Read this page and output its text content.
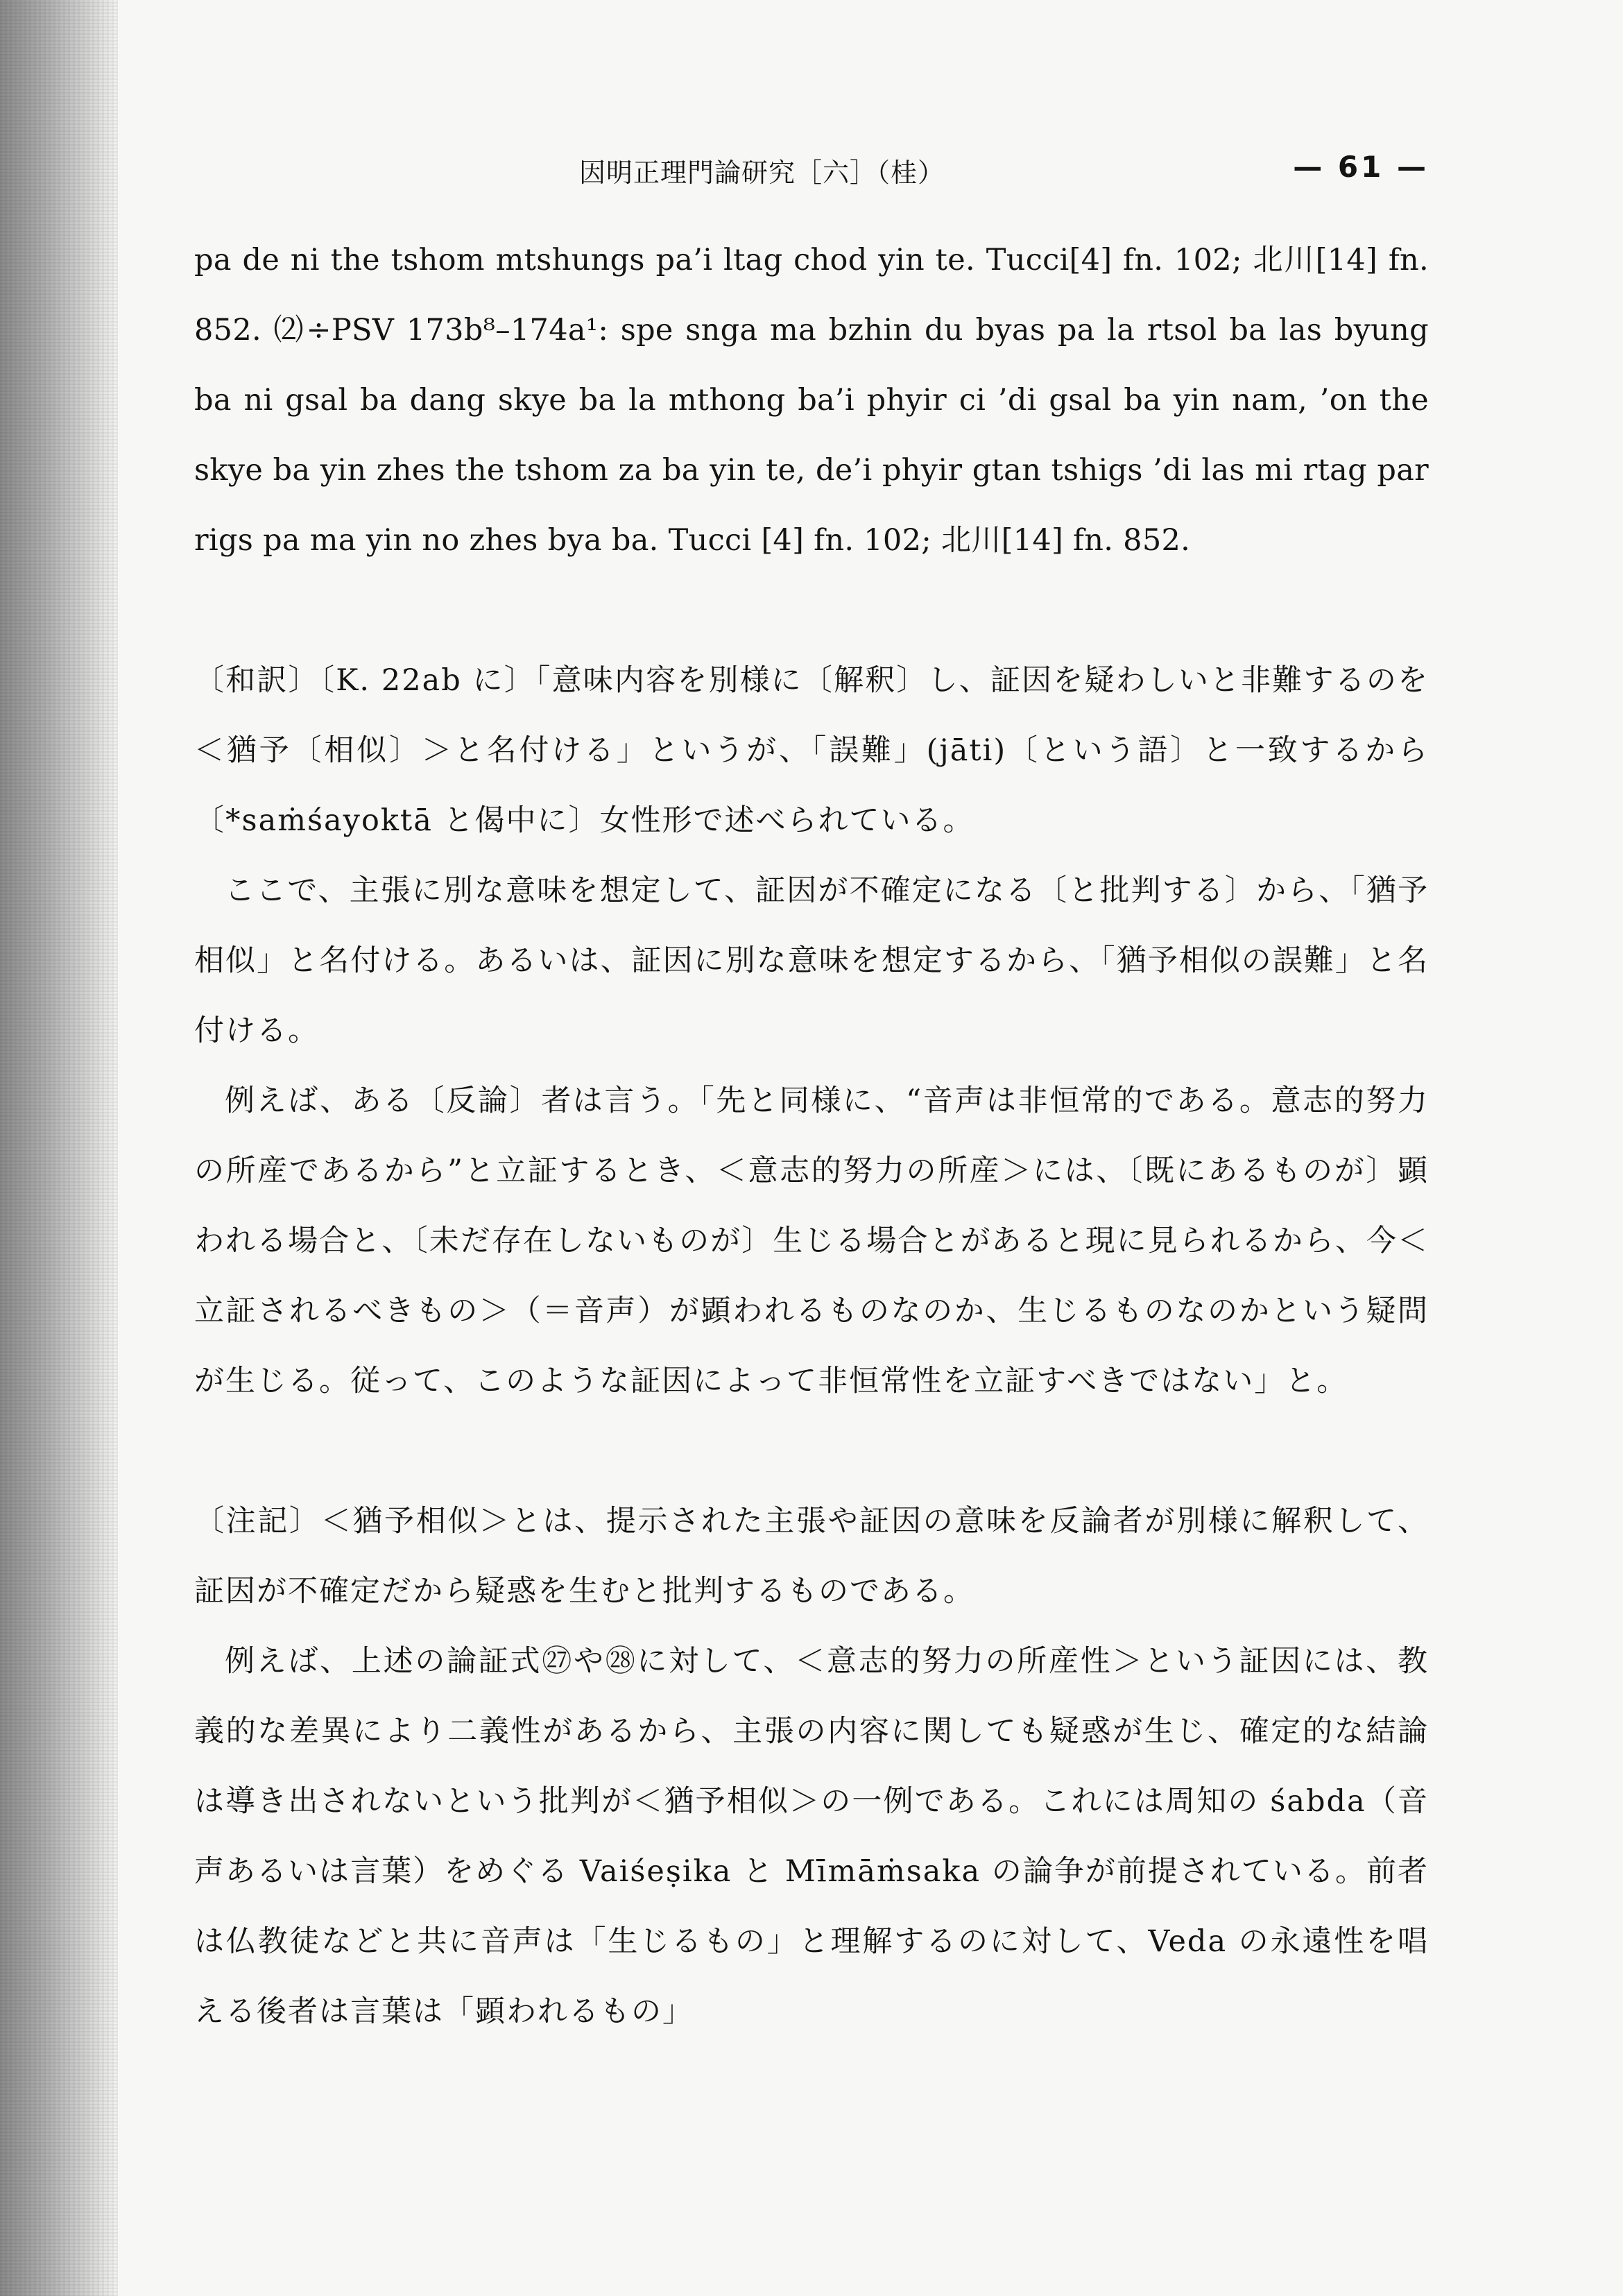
因明正理門論研究［六］（桂）	— 61 —

pa de ni the tshom mtshungs pa’i ltag chod yin te. Tucci[4] fn. 102; 北川[14] fn. 852. ⑵÷PSV 173b⁸–174a¹: spe snga ma bzhin du byas pa la rtsol ba las byung ba ni gsal ba dang skye ba la mthong ba’i phyir ci ’di gsal ba yin nam, ’on the skye ba yin zhes the tshom za ba yin te, de’i phyir gtan tshigs ’di las mi rtag par rigs pa ma yin no zhes bya ba. Tucci [4] fn. 102; 北川[14] fn. 852.

〔和訳〕〔K. 22ab に〕「意味内容を別様に〔解釈〕し、証因を疑わしいと非難するのを＜猶予〔相似〕＞と名付ける」というが、「誤難」(jāti)〔という語〕と一致するから〔*saṁśayoktā と偈中に〕女性形で述べられている。

ここで、主張に別な意味を想定して、証因が不確定になる〔と批判する〕から、「猶予相似」と名付ける。あるいは、証因に別な意味を想定するから、「猶予相似の誤難」と名付ける。

例えば、ある〔反論〕者は言う。「先と同様に、“音声は非恒常的である。意志的努力の所産であるから”と立証するとき、＜意志的努力の所産＞には、〔既にあるものが〕顕われる場合と、〔未だ存在しないものが〕生じる場合とがあると現に見られるから、今＜立証されるべきもの＞（＝音声）が顕われるものなのか、生じるものなのかという疑問が生じる。従って、このような証因によって非恒常性を立証すべきではない」と。

〔注記〕＜猶予相似＞とは、提示された主張や証因の意味を反論者が別様に解釈して、証因が不確定だから疑惑を生むと批判するものである。

例えば、上述の論証式㉗や㉘に対して、＜意志的努力の所産性＞という証因には、教義的な差異により二義性があるから、主張の内容に関しても疑惑が生じ、確定的な結論は導き出されないという批判が＜猶予相似＞の一例である。これには周知の śabda（音声あるいは言葉）をめぐる Vaiśeṣika と Mīmāṁsaka の論争が前提されている。前者は仏教徒などと共に音声は「生じるもの」と理解するのに対して、Veda の永遠性を唱える後者は言葉は「顕われるもの」
